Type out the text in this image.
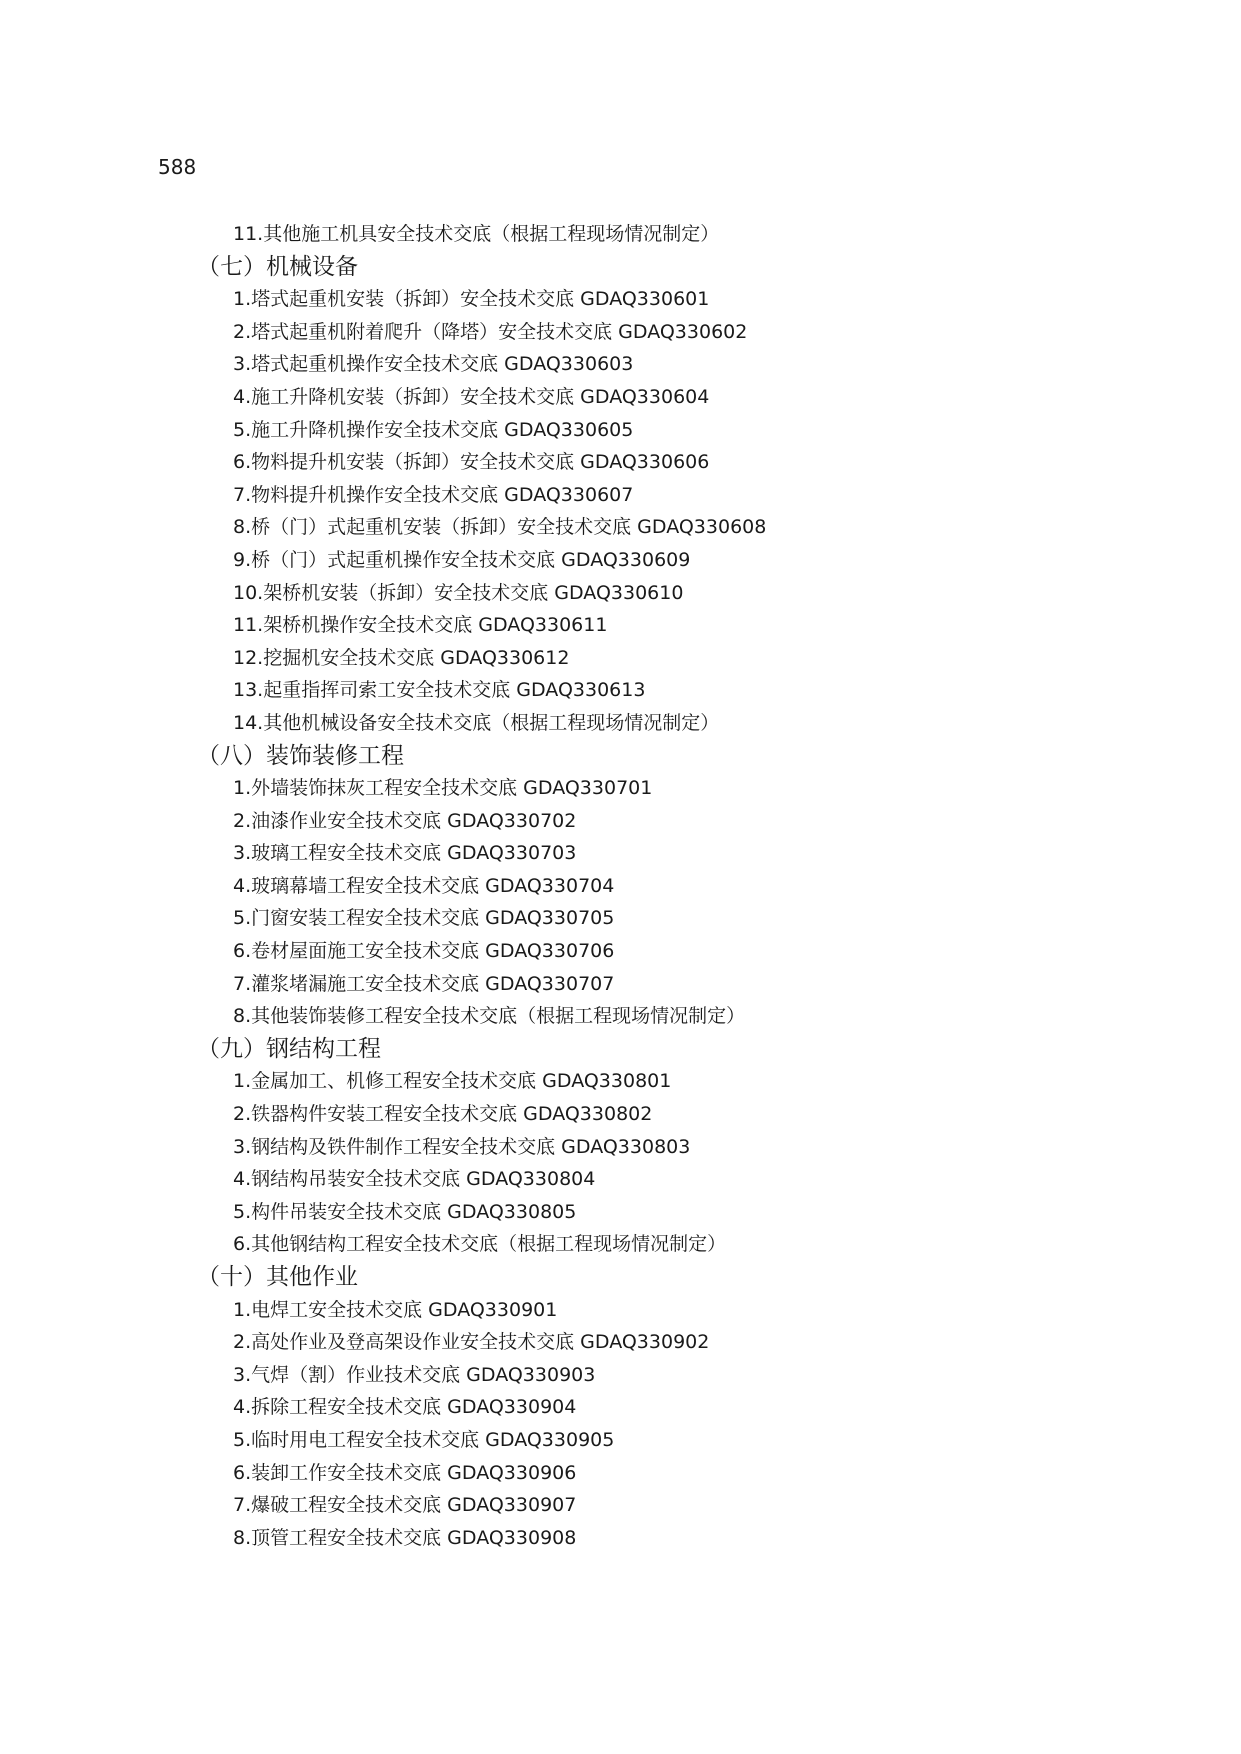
588
11.其他施工机具安全技术交底（根据工程现场情况制定）
（七）机械设备
1.塔式起重机安装（拆卸）安全技术交底 GDAQ330601
2.塔式起重机附着爬升（降塔）安全技术交底 GDAQ330602
3.塔式起重机操作安全技术交底 GDAQ330603
4.施工升降机安装（拆卸）安全技术交底 GDAQ330604
5.施工升降机操作安全技术交底 GDAQ330605
6.物料提升机安装（拆卸）安全技术交底 GDAQ330606
7.物料提升机操作安全技术交底 GDAQ330607
8.桥（门）式起重机安装（拆卸）安全技术交底 GDAQ330608
9.桥（门）式起重机操作安全技术交底 GDAQ330609
10.架桥机安装（拆卸）安全技术交底 GDAQ330610
11.架桥机操作安全技术交底 GDAQ330611
12.挖掘机安全技术交底 GDAQ330612
13.起重指挥司索工安全技术交底 GDAQ330613
14.其他机械设备安全技术交底（根据工程现场情况制定）
（八）装饰装修工程
1.外墙装饰抹灰工程安全技术交底 GDAQ330701
2.油漆作业安全技术交底 GDAQ330702
3.玻璃工程安全技术交底 GDAQ330703
4.玻璃幕墙工程安全技术交底 GDAQ330704
5.门窗安装工程安全技术交底 GDAQ330705
6.卷材屋面施工安全技术交底 GDAQ330706
7.灌浆堵漏施工安全技术交底 GDAQ330707
8.其他装饰装修工程安全技术交底（根据工程现场情况制定）
（九）钢结构工程
1.金属加工、机修工程安全技术交底 GDAQ330801
2.铁器构件安装工程安全技术交底 GDAQ330802
3.钢结构及铁件制作工程安全技术交底 GDAQ330803
4.钢结构吊装安全技术交底 GDAQ330804
5.构件吊装安全技术交底 GDAQ330805
6.其他钢结构工程安全技术交底（根据工程现场情况制定）
（十）其他作业
1.电焊工安全技术交底 GDAQ330901
2.高处作业及登高架设作业安全技术交底 GDAQ330902
3.气焊（割）作业技术交底 GDAQ330903
4.拆除工程安全技术交底 GDAQ330904
5.临时用电工程安全技术交底 GDAQ330905
6.装卸工作安全技术交底 GDAQ330906
7.爆破工程安全技术交底 GDAQ330907
8.顶管工程安全技术交底 GDAQ330908
